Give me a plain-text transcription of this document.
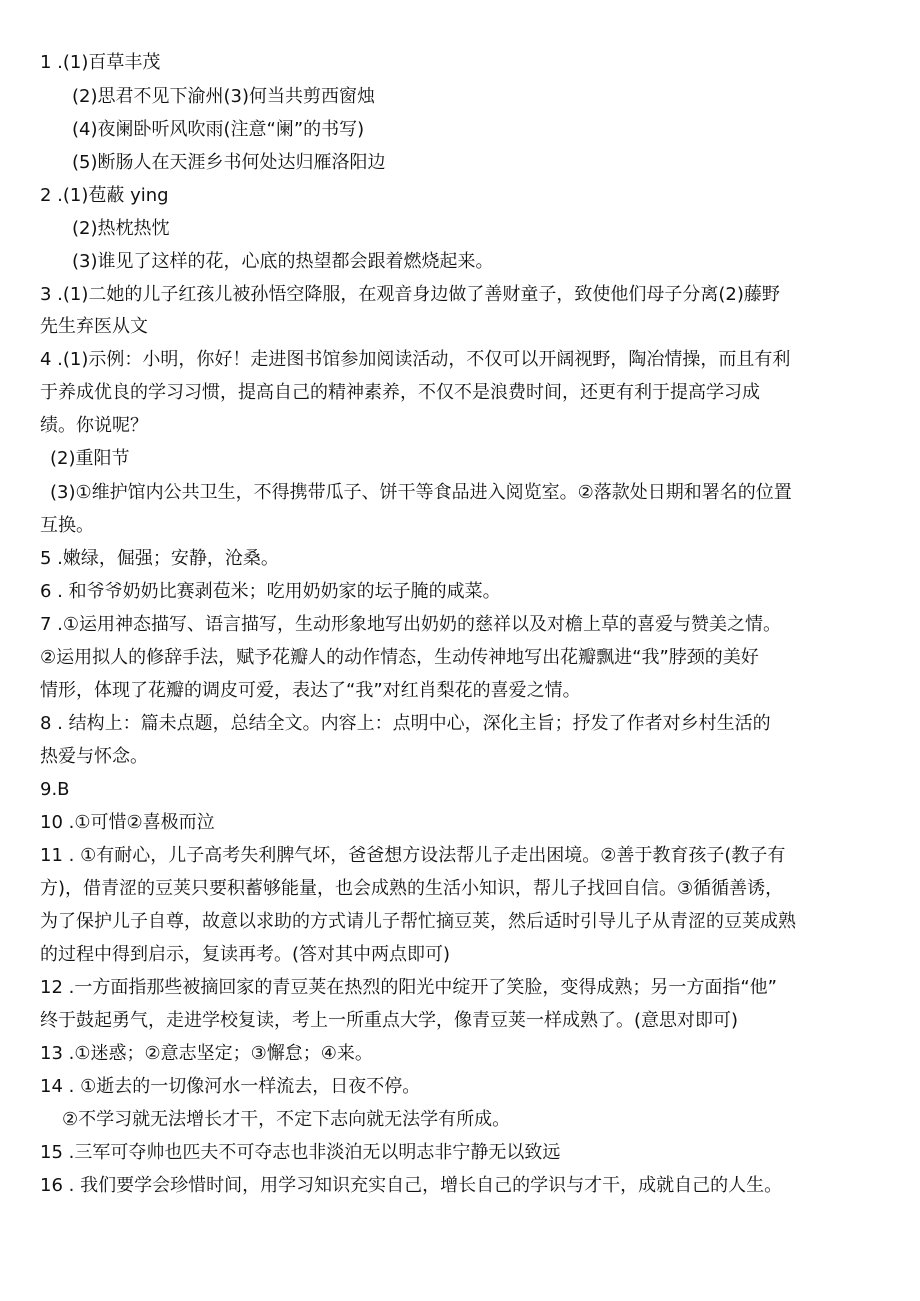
1 .(1)百草丰茂
(2)思君不见下渝州(3)何当共剪西窗烛
(4)夜阑卧听风吹雨(注意“阑”的书写)
(5)断肠人在天涯乡书何处达归雁洛阳边
2 .(1)苞蔽 ying
(2)热枕热忱
(3)谁见了这样的花，心底的热望都会跟着燃烧起来。
3 .(1)二她的儿子红孩儿被孙悟空降服，在观音身边做了善财童子，致使他们母子分离(2)藤野
先生弃医从文
4 .(1)示例：小明，你好！走进图书馆参加阅读活动，不仅可以开阔视野，陶冶情操，而且有利
于养成优良的学习习惯，提高自己的精神素养，不仅不是浪费时间，还更有利于提高学习成
绩。你说呢？
(2)重阳节
(3)①维护馆内公共卫生，不得携带瓜子、饼干等食品进入阅览室。②落款处日期和署名的位置
互换。
5 .嫩绿，倔强；安静，沧桑。
6 . 和爷爷奶奶比赛剥苞米；吃用奶奶家的坛子腌的咸菜。
7 .①运用神态描写、语言描写，生动形象地写出奶奶的慈祥以及对檐上草的喜爱与赞美之情。
②运用拟人的修辞手法，赋予花瓣人的动作情态，生动传神地写出花瓣飘进“我”脖颈的美好
情形，体现了花瓣的调皮可爱，表达了“我”对红肖梨花的喜爱之情。
8 . 结构上：篇未点题，总结全文。内容上：点明中心，深化主旨；抒发了作者对乡村生活的
热爱与怀念。
9.B
10 .①可惜②喜极而泣
11 . ①有耐心，儿子高考失利脾气坏，爸爸想方设法帮儿子走出困境。②善于教育孩子(教子有
方)，借青涩的豆荚只要积蓄够能量，也会成熟的生活小知识，帮儿子找回自信。③循循善诱，
为了保护儿子自尊，故意以求助的方式请儿子帮忙摘豆荚，然后适时引导儿子从青涩的豆荚成熟
的过程中得到启示，复读再考。(答对其中两点即可)
12 .一方面指那些被摘回家的青豆荚在热烈的阳光中绽开了笑脸，变得成熟；另一方面指“他”
终于鼓起勇气，走进学校复读，考上一所重点大学，像青豆荚一样成熟了。(意思对即可)
13 .①迷惑；②意志坚定；③懈怠；④来。
14 . ①逝去的一切像河水一样流去，日夜不停。
②不学习就无法增长才干，不定下志向就无法学有所成。
15 .三军可夺帅也匹夫不可夺志也非淡泊无以明志非宁静无以致远
16 . 我们要学会珍惜时间，用学习知识充实自己，增长自己的学识与才干，成就自己的人生。
